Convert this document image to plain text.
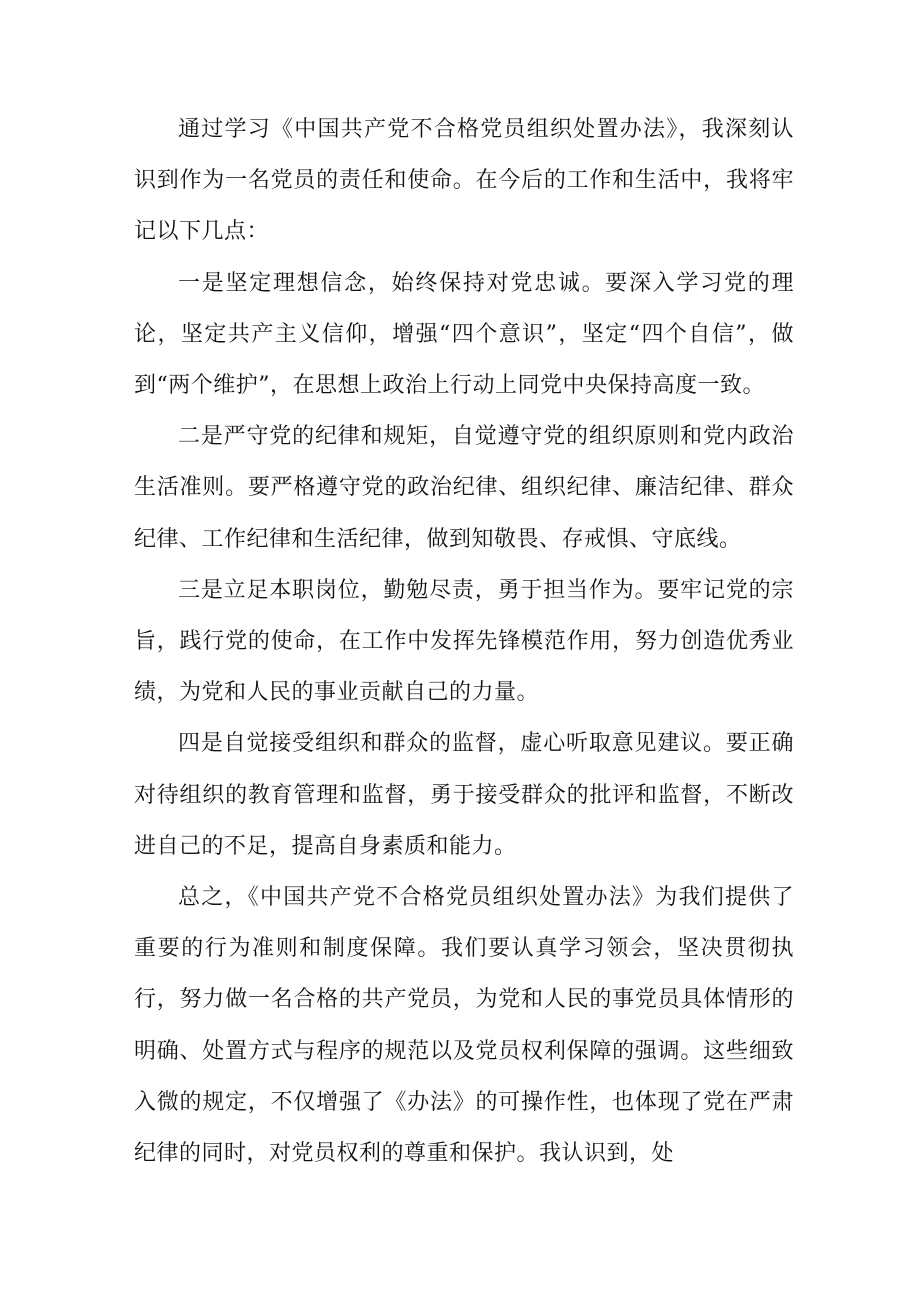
通过学习《中国共产党不合格党员组织处置办法》，我深刻认识到作为一名党员的责任和使命。在今后的工作和生活中，我将牢记以下几点：

一是坚定理想信念，始终保持对党忠诚。要深入学习党的理论，坚定共产主义信仰，增强“四个意识”，坚定“四个自信”，做到“两个维护”，在思想上政治上行动上同党中央保持高度一致。

二是严守党的纪律和规矩，自觉遵守党的组织原则和党内政治生活准则。要严格遵守党的政治纪律、组织纪律、廉洁纪律、群众纪律、工作纪律和生活纪律，做到知敬畏、存戒惧、守底线。

三是立足本职岗位，勤勉尽责，勇于担当作为。要牢记党的宗旨，践行党的使命，在工作中发挥先锋模范作用，努力创造优秀业绩，为党和人民的事业贡献自己的力量。

四是自觉接受组织和群众的监督，虚心听取意见建议。要正确对待组织的教育管理和监督，勇于接受群众的批评和监督，不断改进自己的不足，提高自身素质和能力。

总之，《中国共产党不合格党员组织处置办法》为我们提供了重要的行为准则和制度保障。我们要认真学习领会，坚决贯彻执行，努力做一名合格的共产党员，为党和人民的事党员具体情形的明确、处置方式与程序的规范以及党员权利保障的强调。这些细致入微的规定，不仅增强了《办法》的可操作性，也体现了党在严肃纪律的同时，对党员权利的尊重和保护。我认识到，处
